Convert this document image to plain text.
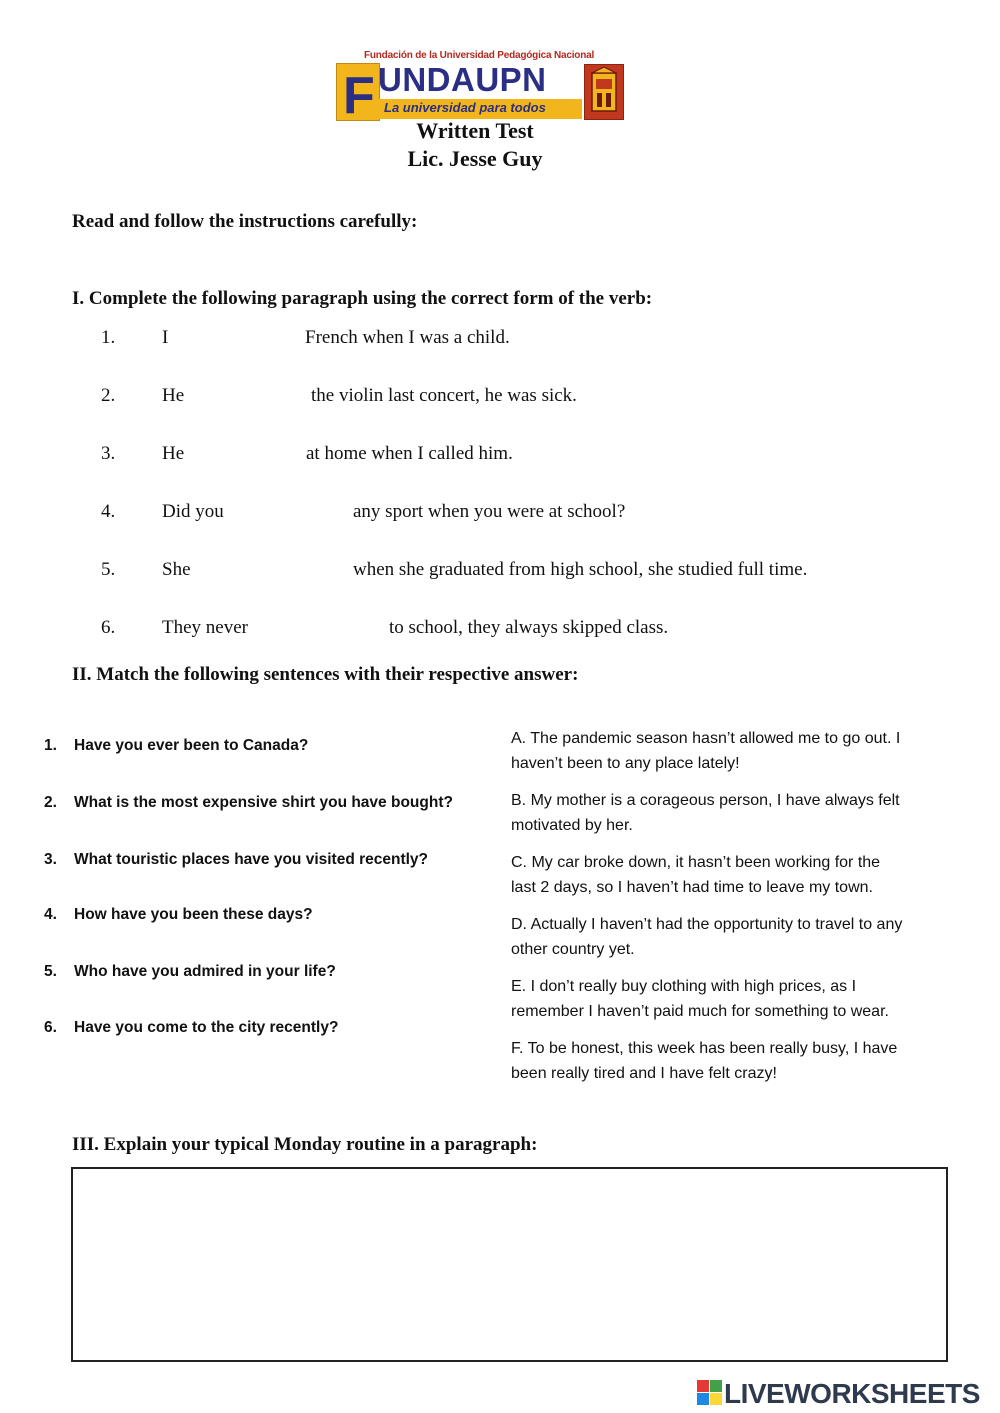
Fundación de la Universidad Pedagógica Nacional
F UNDAUPN
La universidad para todos
Written Test
Lic. Jesse Guy
Read and follow the instructions carefully:
I. Complete the following paragraph using the correct form of the verb:
1. I	French when I was a child.
2. He	the violin last concert, he was sick.
3. He	at home when I called him.
4. Did you	any sport when you were at school?
5. She	when she graduated from high school, she studied full time.
6. They never	to school, they always skipped class.
II. Match the following sentences with their respective answer:
1. Have you ever been to Canada?
2. What is the most expensive shirt you have bought?
3. What touristic places have you visited recently?
4. How have you been these days?
5. Who have you admired in your life?
6. Have you come to the city recently?
A. The pandemic season hasn’t allowed me to go out. I
haven’t been to any place lately!
B. My mother is a corageous person, I have always felt
motivated by her.
C. My car broke down, it hasn’t been working for the
last 2 days, so I haven’t had time to leave my town.
D. Actually I haven’t had the opportunity to travel to any
other country yet.
E. I don’t really buy clothing with high prices, as I
remember I haven’t paid much for something to wear.
F. To be honest, this week has been really busy, I have
been really tired and I have felt crazy!
III. Explain your typical Monday routine in a paragraph:
LIVEWORKSHEETS
